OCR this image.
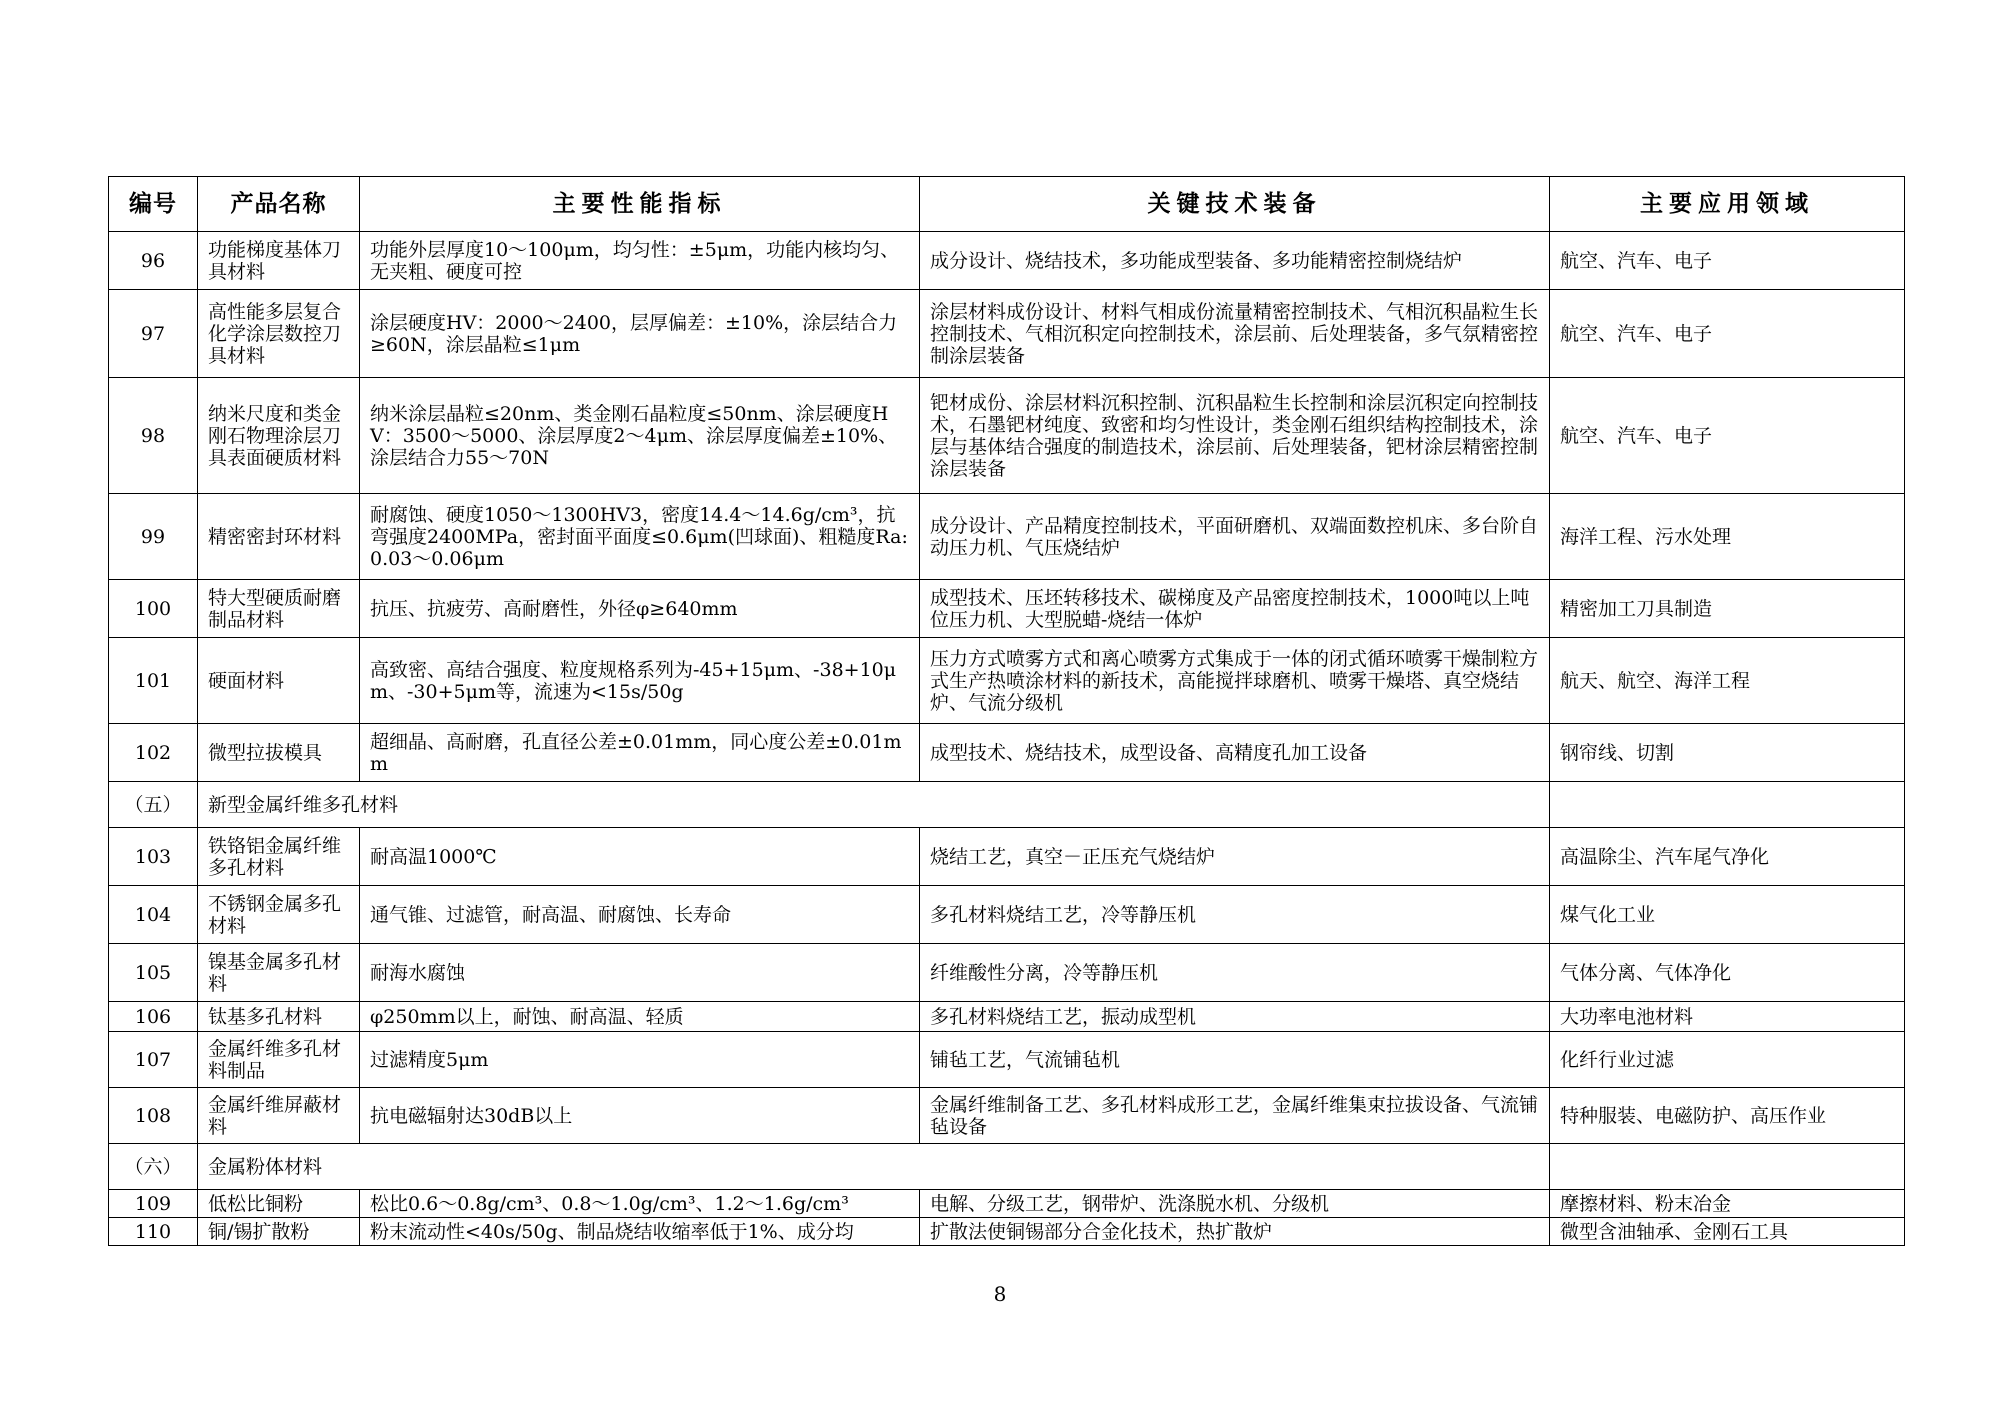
编号	产品名称	主要性能指标	关键技术装备	主要应用领域
96	功能梯度基体刀具材料	功能外层厚度10～100μm，均匀性：±5μm，功能内核均匀、无夹粗、硬度可控	成分设计、烧结技术，多功能成型装备、多功能精密控制烧结炉	航空、汽车、电子
97	高性能多层复合化学涂层数控刀具材料	涂层硬度HV：2000～2400，层厚偏差：±10%，涂层结合力≥60N，涂层晶粒≤1μm	涂层材料成份设计、材料气相成份流量精密控制技术、气相沉积晶粒生长控制技术、气相沉积定向控制技术，涂层前、后处理装备，多气氛精密控制涂层装备	航空、汽车、电子
98	纳米尺度和类金刚石物理涂层刀具表面硬质材料	纳米涂层晶粒≤20nm、类金刚石晶粒度≤50nm、涂层硬度HV：3500～5000、涂层厚度2～4μm、涂层厚度偏差±10%、涂层结合力55～70N	钯材成份、涂层材料沉积控制、沉积晶粒生长控制和涂层沉积定向控制技术，石墨钯材纯度、致密和均匀性设计，类金刚石组织结构控制技术，涂层与基体结合强度的制造技术，涂层前、后处理装备，钯材涂层精密控制涂层装备	航空、汽车、电子
99	精密密封环材料	耐腐蚀、硬度1050～1300HV3，密度14.4～14.6g/cm³，抗弯强度2400MPa，密封面平面度≤0.6μm(凹球面)、粗糙度Ra:0.03～0.06μm	成分设计、产品精度控制技术，平面研磨机、双端面数控机床、多台阶自动压力机、气压烧结炉	海洋工程、污水处理
100	特大型硬质耐磨制品材料	抗压、抗疲劳、高耐磨性，外径φ≥640mm	成型技术、压坯转移技术、碳梯度及产品密度控制技术，1000吨以上吨位压力机、大型脱蜡-烧结一体炉	精密加工刀具制造
101	硬面材料	高致密、高结合强度、粒度规格系列为-45+15μm、-38+10μm、-30+5μm等，流速为<15s/50g	压力方式喷雾方式和离心喷雾方式集成于一体的闭式循环喷雾干燥制粒方式生产热喷涂材料的新技术，高能搅拌球磨机、喷雾干燥塔、真空烧结炉、气流分级机	航天、航空、海洋工程
102	微型拉拔模具	超细晶、高耐磨，孔直径公差±0.01mm，同心度公差±0.01mm	成型技术、烧结技术，成型设备、高精度孔加工设备	钢帘线、切割
（五）	新型金属纤维多孔材料			
103	铁铬铝金属纤维多孔材料	耐高温1000℃	烧结工艺，真空－正压充气烧结炉	高温除尘、汽车尾气净化
104	不锈钢金属多孔材料	通气锥、过滤管，耐高温、耐腐蚀、长寿命	多孔材料烧结工艺，冷等静压机	煤气化工业
105	镍基金属多孔材料	耐海水腐蚀	纤维酸性分离，冷等静压机	气体分离、气体净化
106	钛基多孔材料	φ250mm以上，耐蚀、耐高温、轻质	多孔材料烧结工艺，振动成型机	大功率电池材料
107	金属纤维多孔材料制品	过滤精度5μm	铺毡工艺，气流铺毡机	化纤行业过滤
108	金属纤维屏蔽材料	抗电磁辐射达30dB以上	金属纤维制备工艺、多孔材料成形工艺，金属纤维集束拉拔设备、气流铺毡设备	特种服装、电磁防护、高压作业
（六）	金属粉体材料			
109	低松比铜粉	松比0.6～0.8g/cm³、0.8～1.0g/cm³、1.2～1.6g/cm³	电解、分级工艺，钢带炉、洗涤脱水机、分级机	摩擦材料、粉末冶金
110	铜/锡扩散粉	粉末流动性<40s/50g、制品烧结收缩率低于1%、成分均	扩散法使铜锡部分合金化技术，热扩散炉	微型含油轴承、金刚石工具
8
